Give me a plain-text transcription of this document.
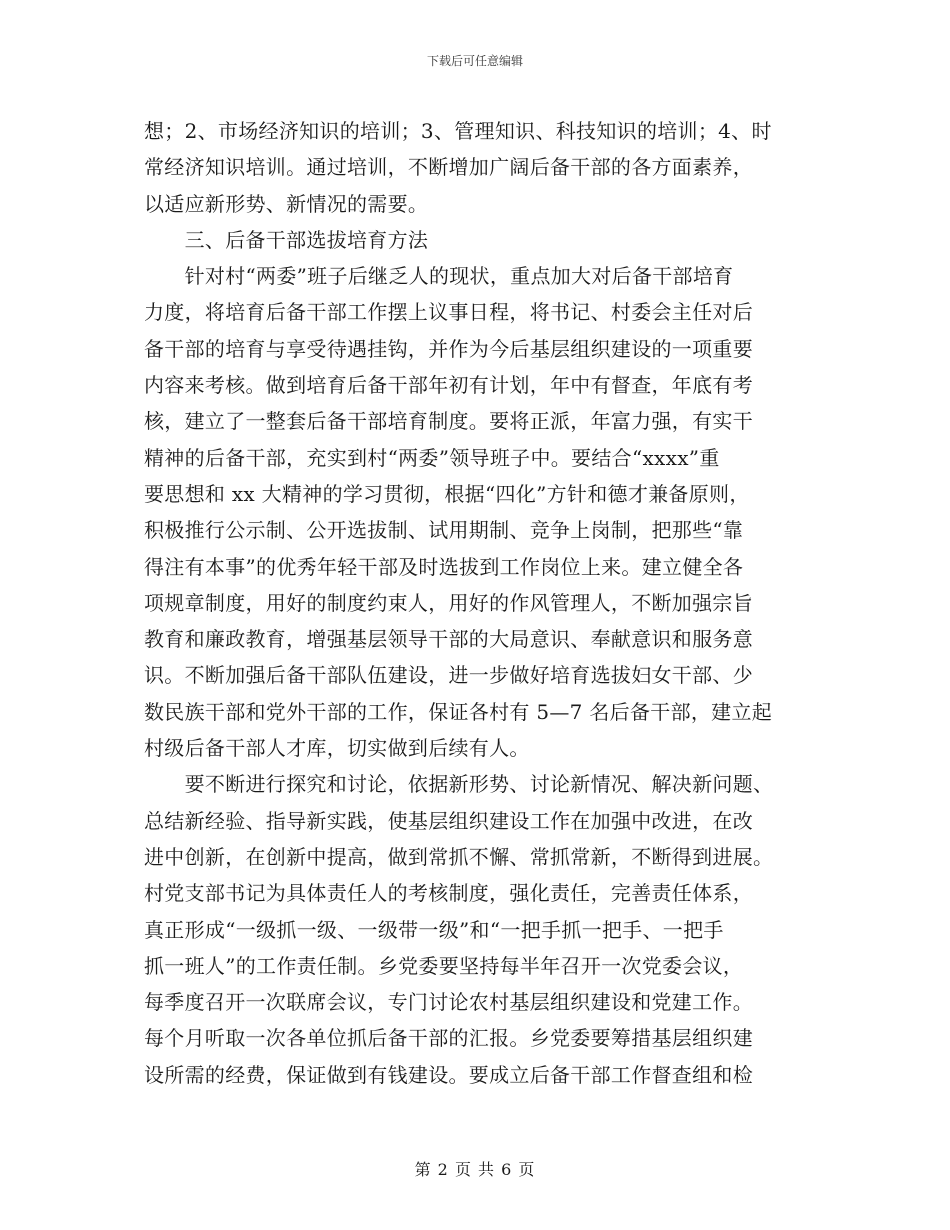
下载后可任意编辑
想；2、市场经济知识的培训；3、管理知识、科技知识的培训；4、时
常经济知识培训。通过培训，不断增加广阔后备干部的各方面素养，
以适应新形势、新情况的需要。
　　三、后备干部选拔培育方法
　　针对村“两委”班子后继乏人的现状，重点加大对后备干部培育
力度，将培育后备干部工作摆上议事日程，将书记、村委会主任对后
备干部的培育与享受待遇挂钩，并作为今后基层组织建设的一项重要
内容来考核。做到培育后备干部年初有计划，年中有督查，年底有考
核，建立了一整套后备干部培育制度。要将正派，年富力强，有实干
精神的后备干部，充实到村“两委”领导班子中。要结合“xxxx”重
要思想和 xx 大精神的学习贯彻，根据“四化”方针和德才兼备原则，
积极推行公示制、公开选拔制、试用期制、竞争上岗制，把那些“靠
得注有本事”的优秀年轻干部及时选拔到工作岗位上来。建立健全各
项规章制度，用好的制度约束人，用好的作风管理人，不断加强宗旨
教育和廉政教育，增强基层领导干部的大局意识、奉献意识和服务意
识。不断加强后备干部队伍建设，进一步做好培育选拔妇女干部、少
数民族干部和党外干部的工作，保证各村有 5—7 名后备干部，建立起
村级后备干部人才库，切实做到后续有人。
　　要不断进行探究和讨论，依据新形势、讨论新情况、解决新问题、
总结新经验、指导新实践，使基层组织建设工作在加强中改进，在改
进中创新，在创新中提高，做到常抓不懈、常抓常新，不断得到进展。
村党支部书记为具体责任人的考核制度，强化责任，完善责任体系，
真正形成“一级抓一级、一级带一级”和“一把手抓一把手、一把手
抓一班人”的工作责任制。乡党委要坚持每半年召开一次党委会议，
每季度召开一次联席会议，专门讨论农村基层组织建设和党建工作。
每个月听取一次各单位抓后备干部的汇报。乡党委要筹措基层组织建
设所需的经费，保证做到有钱建设。要成立后备干部工作督查组和检
第 2 页 共 6 页
